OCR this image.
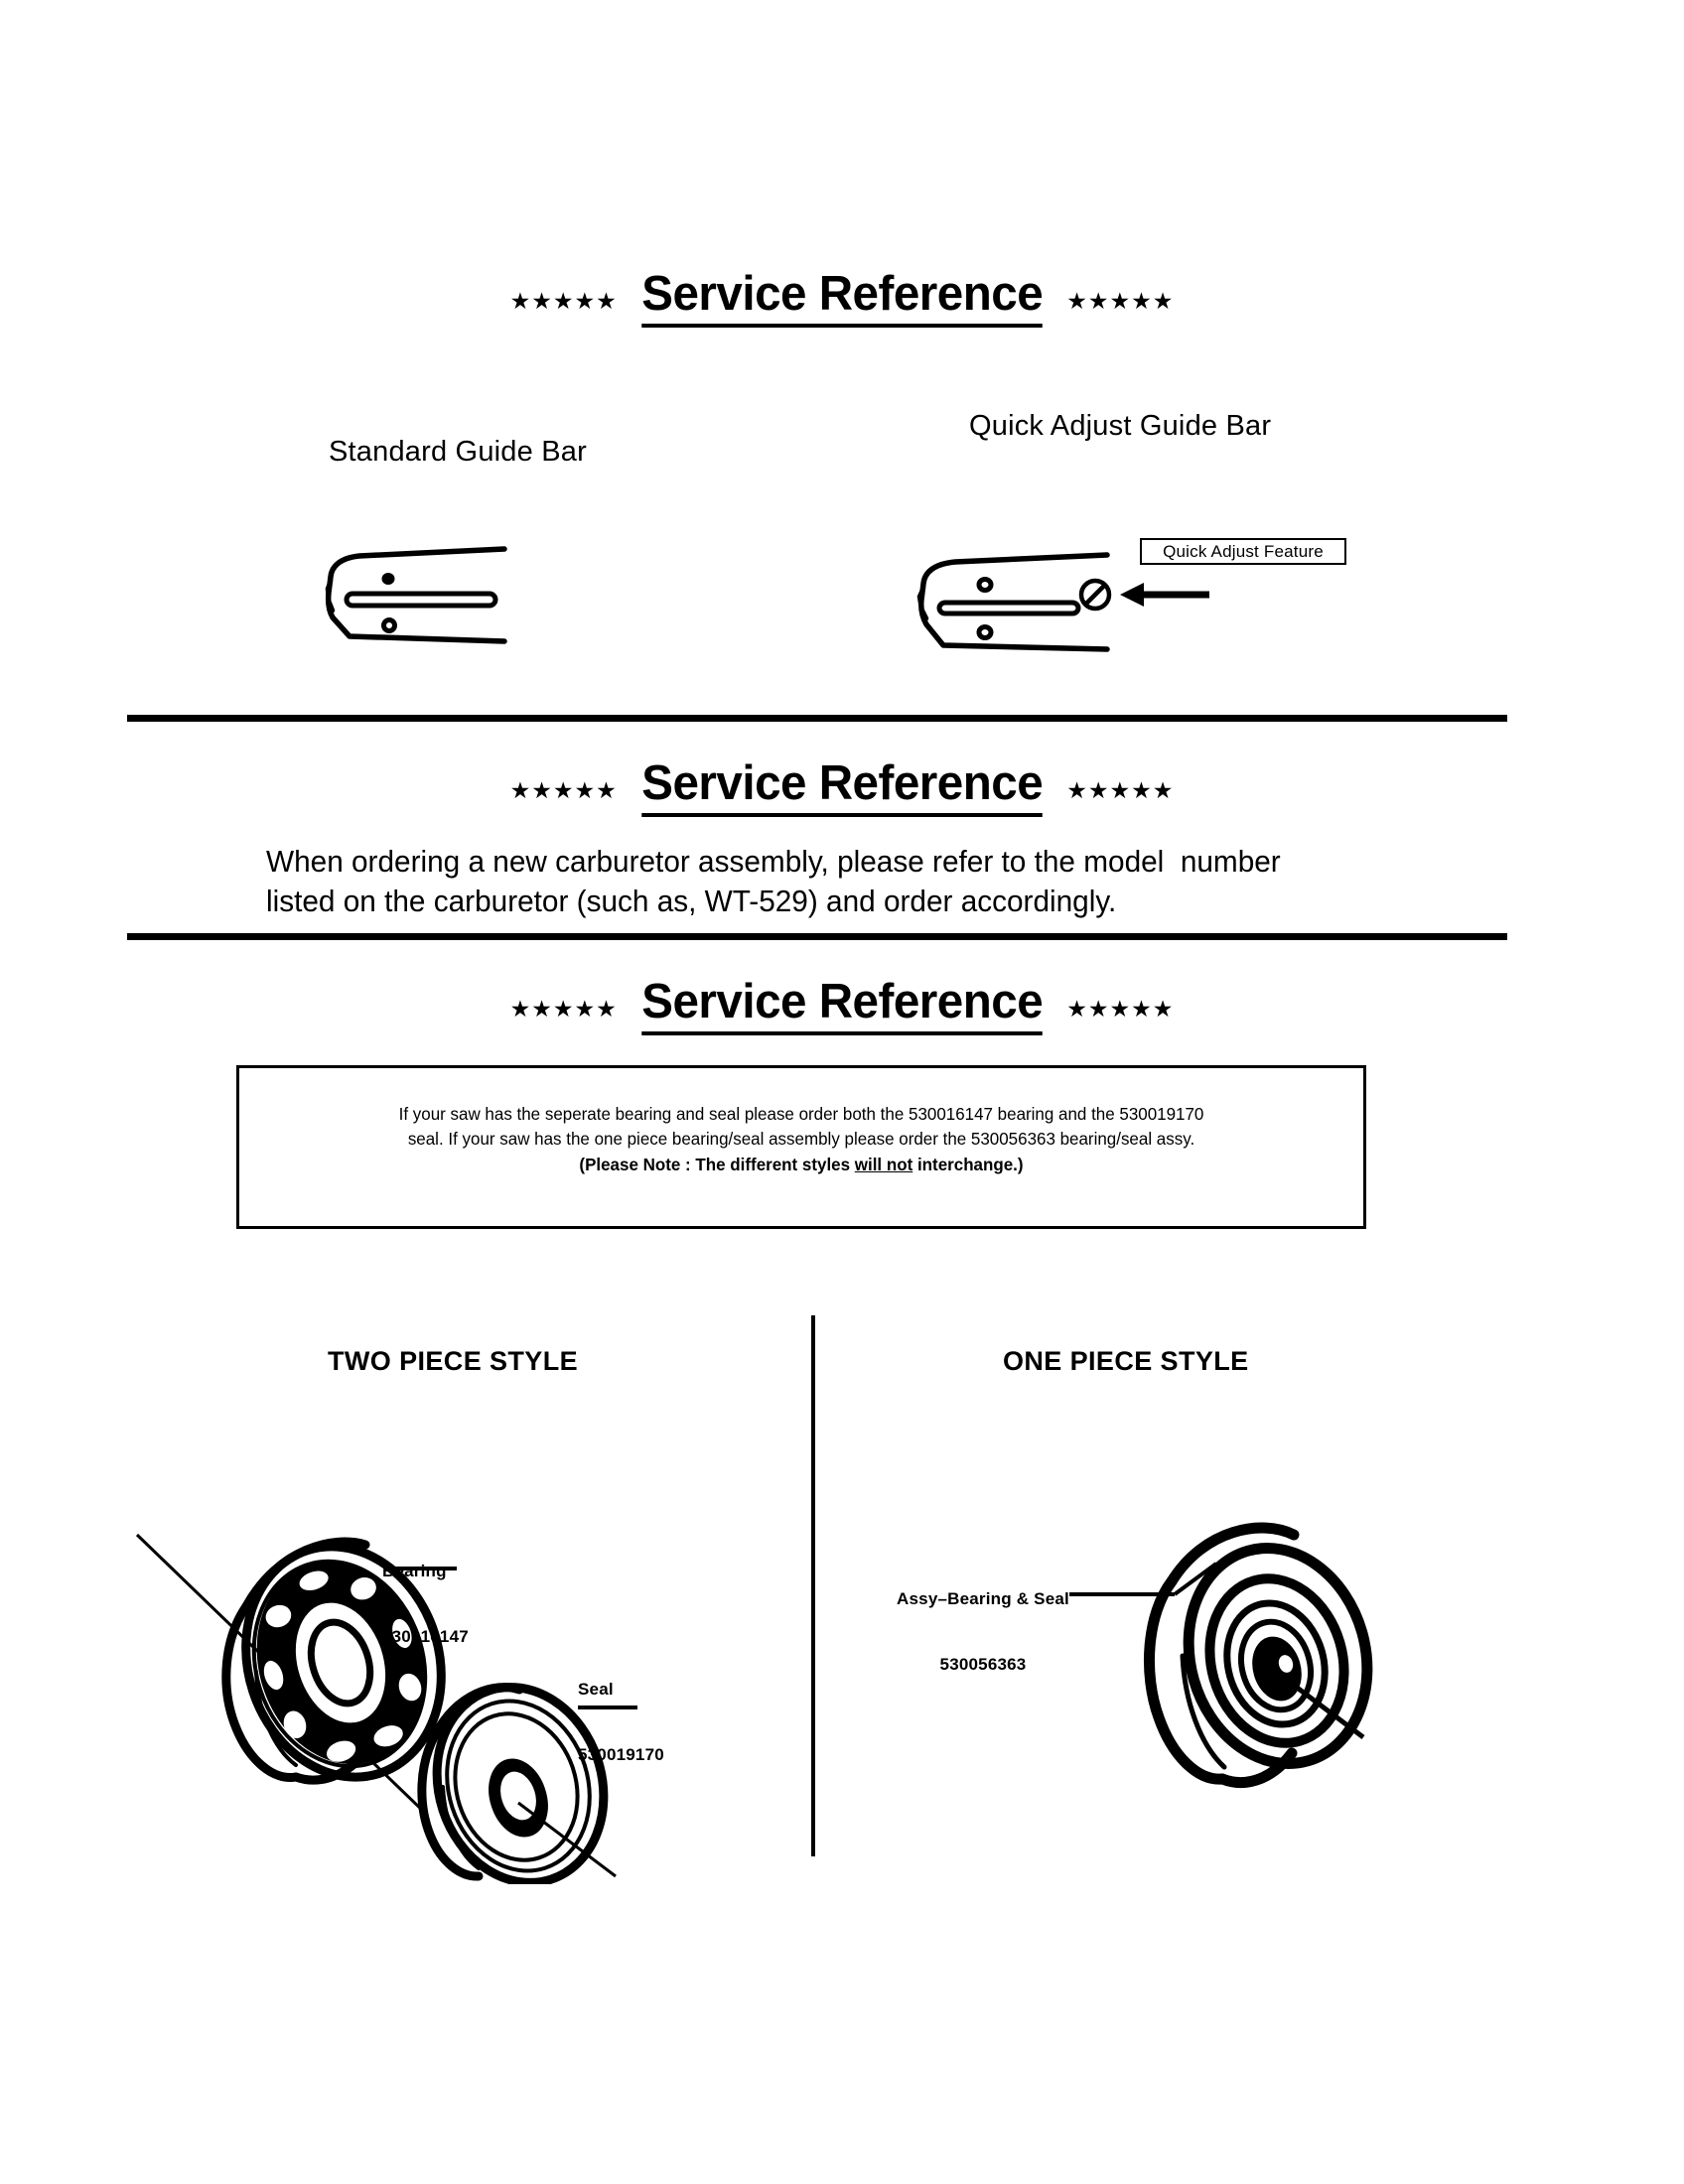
★★★★★ Service Reference ★★★★★
Standard Guide Bar
Quick Adjust Guide Bar

Quick Adjust Feature
★★★★★ Service Reference ★★★★★
When ordering a new carburetor assembly, please refer to the model  number
listed on the carburetor (such as, WT-529) and order accordingly.
★★★★★ Service Reference ★★★★★
If your saw has the seperate bearing and seal please order both the 530016147 bearing and the 530019170
seal. If your saw has the one piece bearing/seal assembly please order the 530056363 bearing/seal assy.
(Please Note : The different styles will not interchange.)
TWO PIECE STYLE

Bearing

530016147

Seal

530019170

ONE PIECE STYLE

Assy–Bearing & Seal

530056363
